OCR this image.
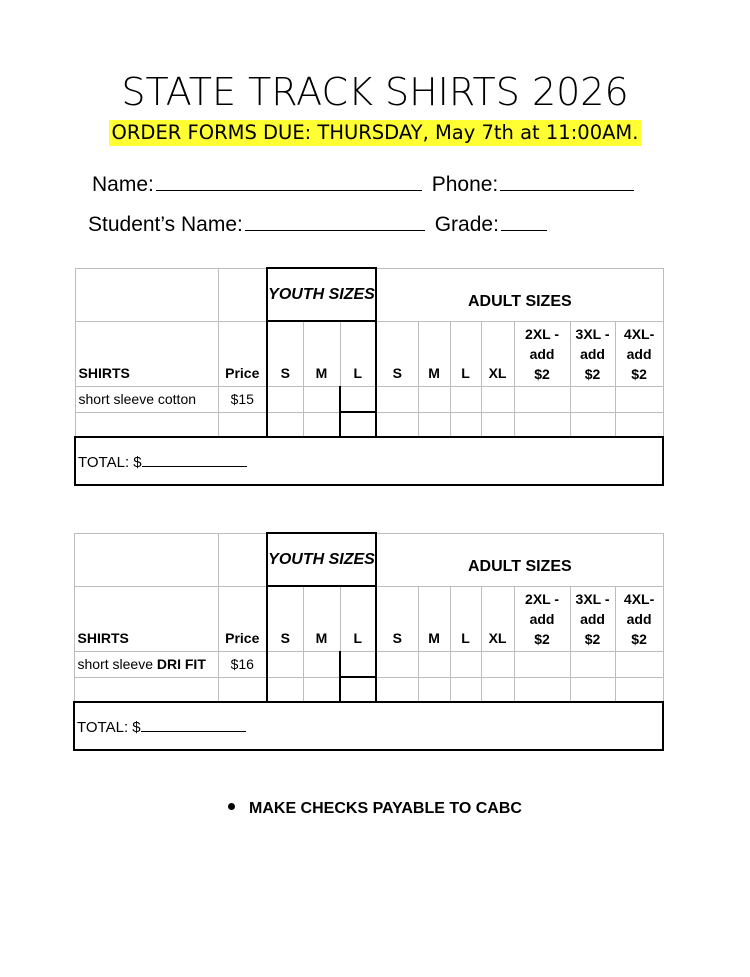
STATE TRACK SHIRTS 2026
ORDER FORMS DUE: THURSDAY, May 7th at 11:00AM.
Name:	Phone:
Student’s Name:	Grade:
		YOUTH SIZES			ADULT SIZES						
SHIRTS	Price	S	M	L	S	M	L	XL	2XL -
add
$2	3XL -
add
$2	4XL-
add
$2
short sleeve cotton	$15										

TOTAL: $											
		YOUTH SIZES			ADULT SIZES						
SHIRTS	Price	S	M	L	S	M	L	XL	2XL -
add
$2	3XL -
add
$2	4XL-
add
$2
short sleeve DRI FIT	$16										

TOTAL: $											
MAKE CHECKS PAYABLE TO CABC
